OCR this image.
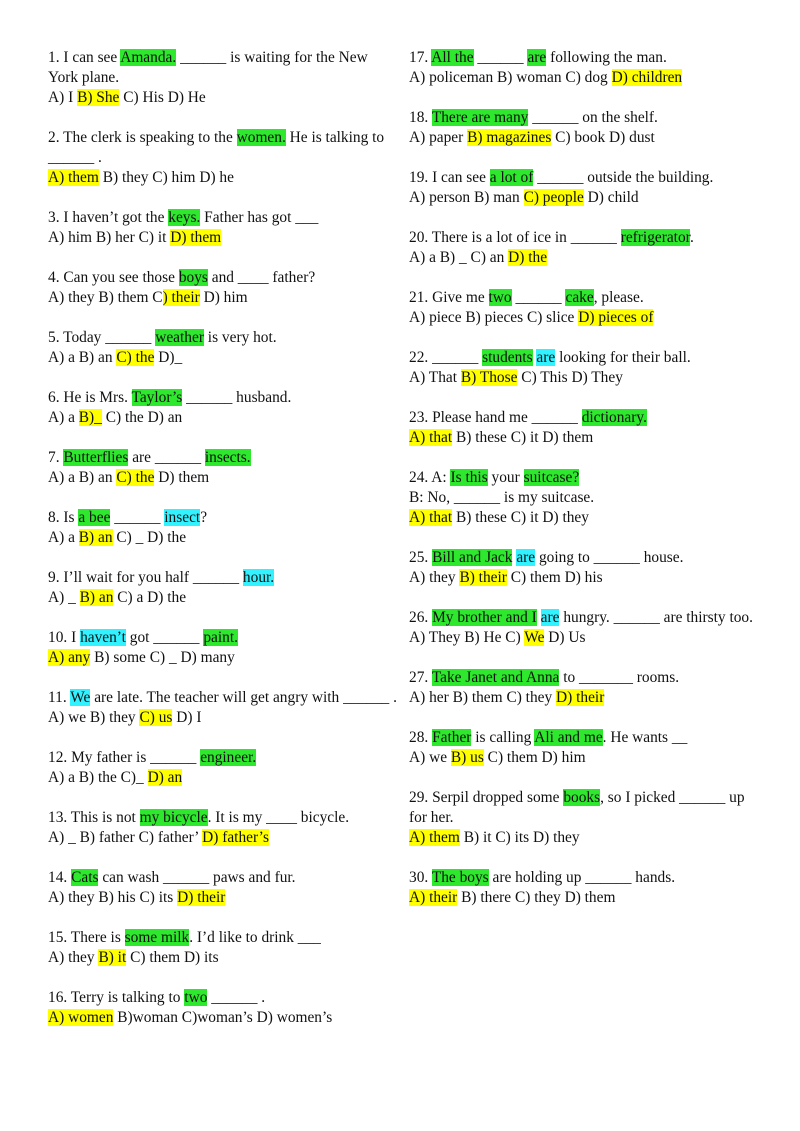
1. I can see Amanda. ______ is waiting for the New York plane.

A) I B) She C) His D) He

2. The clerk is speaking to the women. He is talking to ______ .

A) them B) they C) him D) he

3. I haven’t got the keys. Father has got ___

A) him B) her C) it D) them

4. Can you see those boys and ____ father?

A) they B) them C) their D) him

5. Today ______ weather is very hot.

A) a B) an C) the D)_

6. He is Mrs. Taylor’s ______ husband.

A) a B)_ C) the D) an

7. Butterflies are ______ insects.

A) a B) an C) the D) them

8. Is a bee ______ insect?

A) a B) an C) _ D) the

9. I’ll wait for you half ______ hour.

A) _ B) an C) a D) the

10. I haven’t got ______ paint.

A) any B) some C) _ D) many

11. We are late. The teacher will get angry with ______ .

A) we B) they C) us D) I

12. My father is ______ engineer.

A) a B) the C)_ D) an

13. This is not my bicycle. It is my ____ bicycle.

A) _ B) father C) father’ D) father’s

14. Cats can wash ______ paws and fur.

A) they B) his C) its D) their

15. There is some milk. I’d like to drink ___

A) they B) it C) them D) its

16. Terry is talking to two ______ .

A) women B)woman C)woman’s D) women’s

17. All the ______ are following the man.

A) policeman B) woman C) dog D) children

18. There are many ______ on the shelf.

A) paper B) magazines C) book D) dust

19. I can see a lot of ______ outside the building.

A) person B) man C) people D) child

20. There is a lot of ice in ______ refrigerator.

A) a B) _ C) an D) the

21. Give me two ______ cake, please.

A) piece B) pieces C) slice D) pieces of

22. ______ students are looking for their ball.

A) That B) Those C) This D) They

23. Please hand me ______ dictionary.

A) that B) these C) it D) them

24. A: Is this your suitcase?

B: No, ______ is my suitcase.

A) that B) these C) it D) they

25. Bill and Jack are going to ______ house.

A) they B) their C) them D) his

26. My brother and I are hungry. ______ are thirsty too.

A) They B) He C) We D) Us

27. Take Janet and Anna to _______ rooms.

A) her B) them C) they D) their

28. Father is calling Ali and me. He wants __

A) we B) us C) them D) him

29. Serpil dropped some books, so I picked ______ up for her.

A) them B) it C) its D) they

30. The boys are holding up ______ hands.

A) their B) there C) they D) them
